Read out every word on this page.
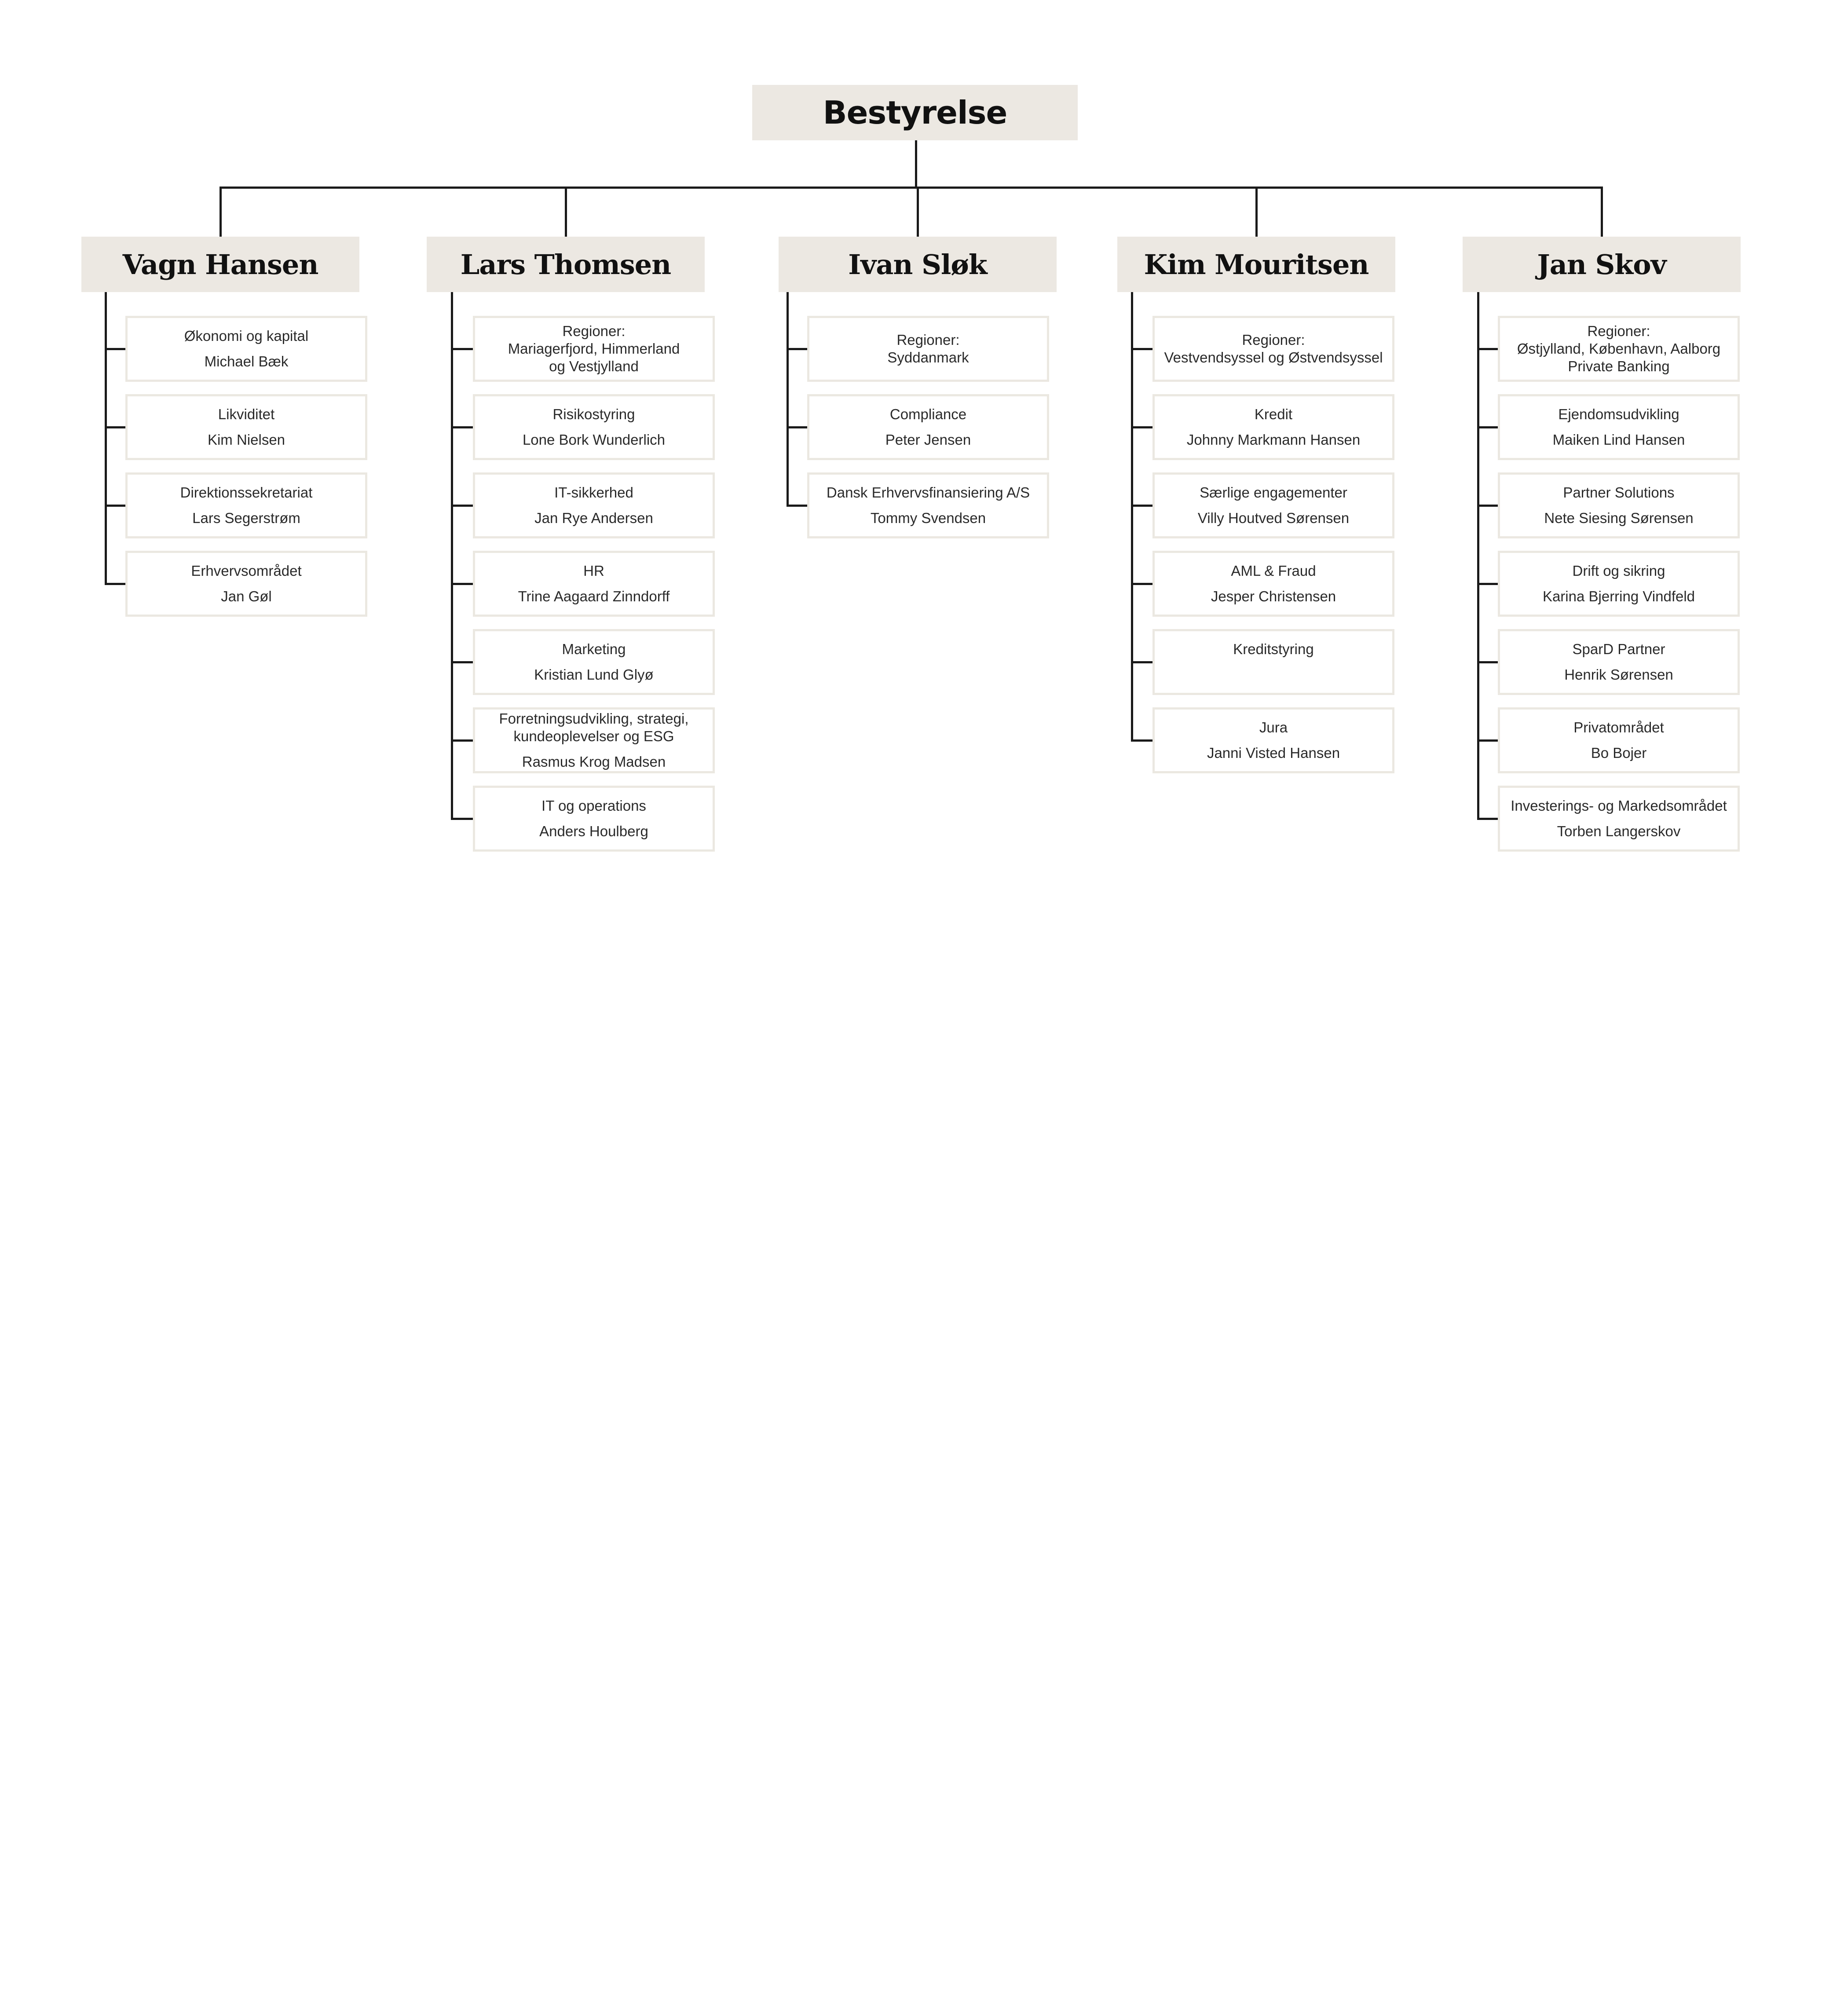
Bestyrelse
Vagn Hansen
Økonomi og kapital
Michael Bæk
Likviditet
Kim Nielsen
Direktionssekretariat
Lars Segerstrøm
Erhvervsområdet
Jan Gøl
Lars Thomsen
Regioner:
Mariagerfjord, Himmerland
og Vestjylland
Risikostyring
Lone Bork Wunderlich
IT-sikkerhed
Jan Rye Andersen
HR
Trine Aagaard Zinndorff
Marketing
Kristian Lund Glyø
Forretningsudvikling, strategi,
kundeoplevelser og ESG
Rasmus Krog Madsen
IT og operations
Anders Houlberg
Ivan Sløk
Regioner:
Syddanmark
Compliance
Peter Jensen
Dansk Erhvervsfinansiering A/S
Tommy Svendsen
Kim Mouritsen
Regioner:
Vestvendsyssel og Østvendsyssel
Kredit
Johnny Markmann Hansen
Særlige engagementer
Villy Houtved Sørensen
AML & Fraud
Jesper Christensen
Kreditstyring
Jura
Janni Visted Hansen
Jan Skov
Regioner:
Østjylland, København, Aalborg
Private Banking
Ejendomsudvikling
Maiken Lind Hansen
Partner Solutions
Nete Siesing Sørensen
Drift og sikring
Karina Bjerring Vindfeld
SparD Partner
Henrik Sørensen
Privatområdet
Bo Bojer
Investerings- og Markedsområdet
Torben Langerskov
